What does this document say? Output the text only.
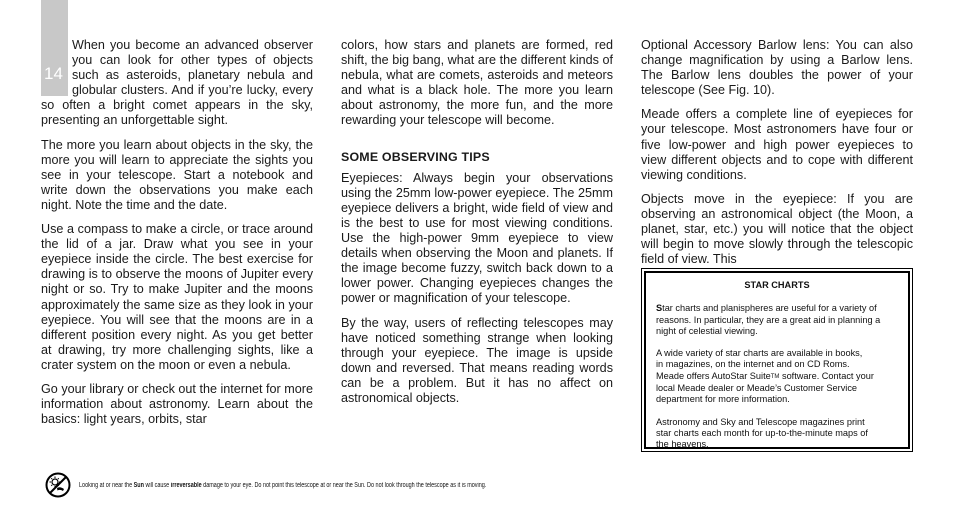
14

When you become an advanced observer you can look for other types of objects such as asteroids, planetary nebula and globular clusters. And if you’re lucky, every so often a bright comet appears in the sky, presenting an unforgettable sight.

The more you learn about objects in the sky, the more you will learn to appreciate the sights you see in your telescope. Start a notebook and write down the observations you make each night. Note the time and the date.

Use a compass to make a circle, or trace around the lid of a jar. Draw what you see in your eyepiece inside the circle. The best exercise for drawing is to observe the moons of Jupiter every night or so. Try to make Jupiter and the moons approximately the same size as they look in your eyepiece. You will see that the moons are in a different position every night. As you get better at drawing, try more challenging sights, like a crater system on the moon or even a nebula.

Go your library or check out the internet for more information about astronomy. Learn about the basics: light years, orbits, star

colors, how stars and planets are formed, red shift, the big bang, what are the different kinds of nebula, what are comets, asteroids and meteors and what is a black hole. The more you learn about astronomy, the more fun, and the more rewarding your telescope will become.

SOME OBSERVING TIPS

Eyepieces: Always begin your observations using the 25mm low-power eyepiece. The 25mm eyepiece delivers a bright, wide field of view and is the best to use for most viewing conditions. Use the high-power 9mm eyepiece to view details when observing the Moon and planets. If the image become fuzzy, switch back down to a lower power. Changing eyepieces changes the power or magnification of your telescope.

By the way, users of reflecting telescopes may have noticed something strange when looking through your eyepiece. The image is upside down and reversed. That means reading words can be a problem. But it has no affect on astronomical objects.

Optional Accessory Barlow lens: You can also change magnification by using a Barlow lens. The Barlow lens doubles the power of your telescope (See Fig. 10).

Meade offers a complete line of eyepieces for your telescope. Most astronomers have four or five low-power and high power eyepieces to view different objects and to cope with different viewing conditions.

Objects move in the eyepiece: If you are observing an astronomical object (the Moon, a planet, star, etc.) you will notice that the object will begin to move slowly through the telescopic field of view. This

STAR CHARTS

Star charts and planispheres are useful for a variety of reasons. In particular, they are a great aid in planning a night of celestial viewing.

A wide variety of star charts are available in books,
in magazines, on the internet and on CD Roms.
Meade offers AutoStar SuiteTM software. Contact your
local Meade dealer or Meade’s Customer Service
department for more information.

Astronomy and Sky and Telescope magazines print
star charts each month for up-to-the-minute maps of
the heavens.

Looking at or near the Sun will cause irreversable damage to your eye. Do not point this telescope at or near the Sun. Do not look through the telescope as it is moving.
